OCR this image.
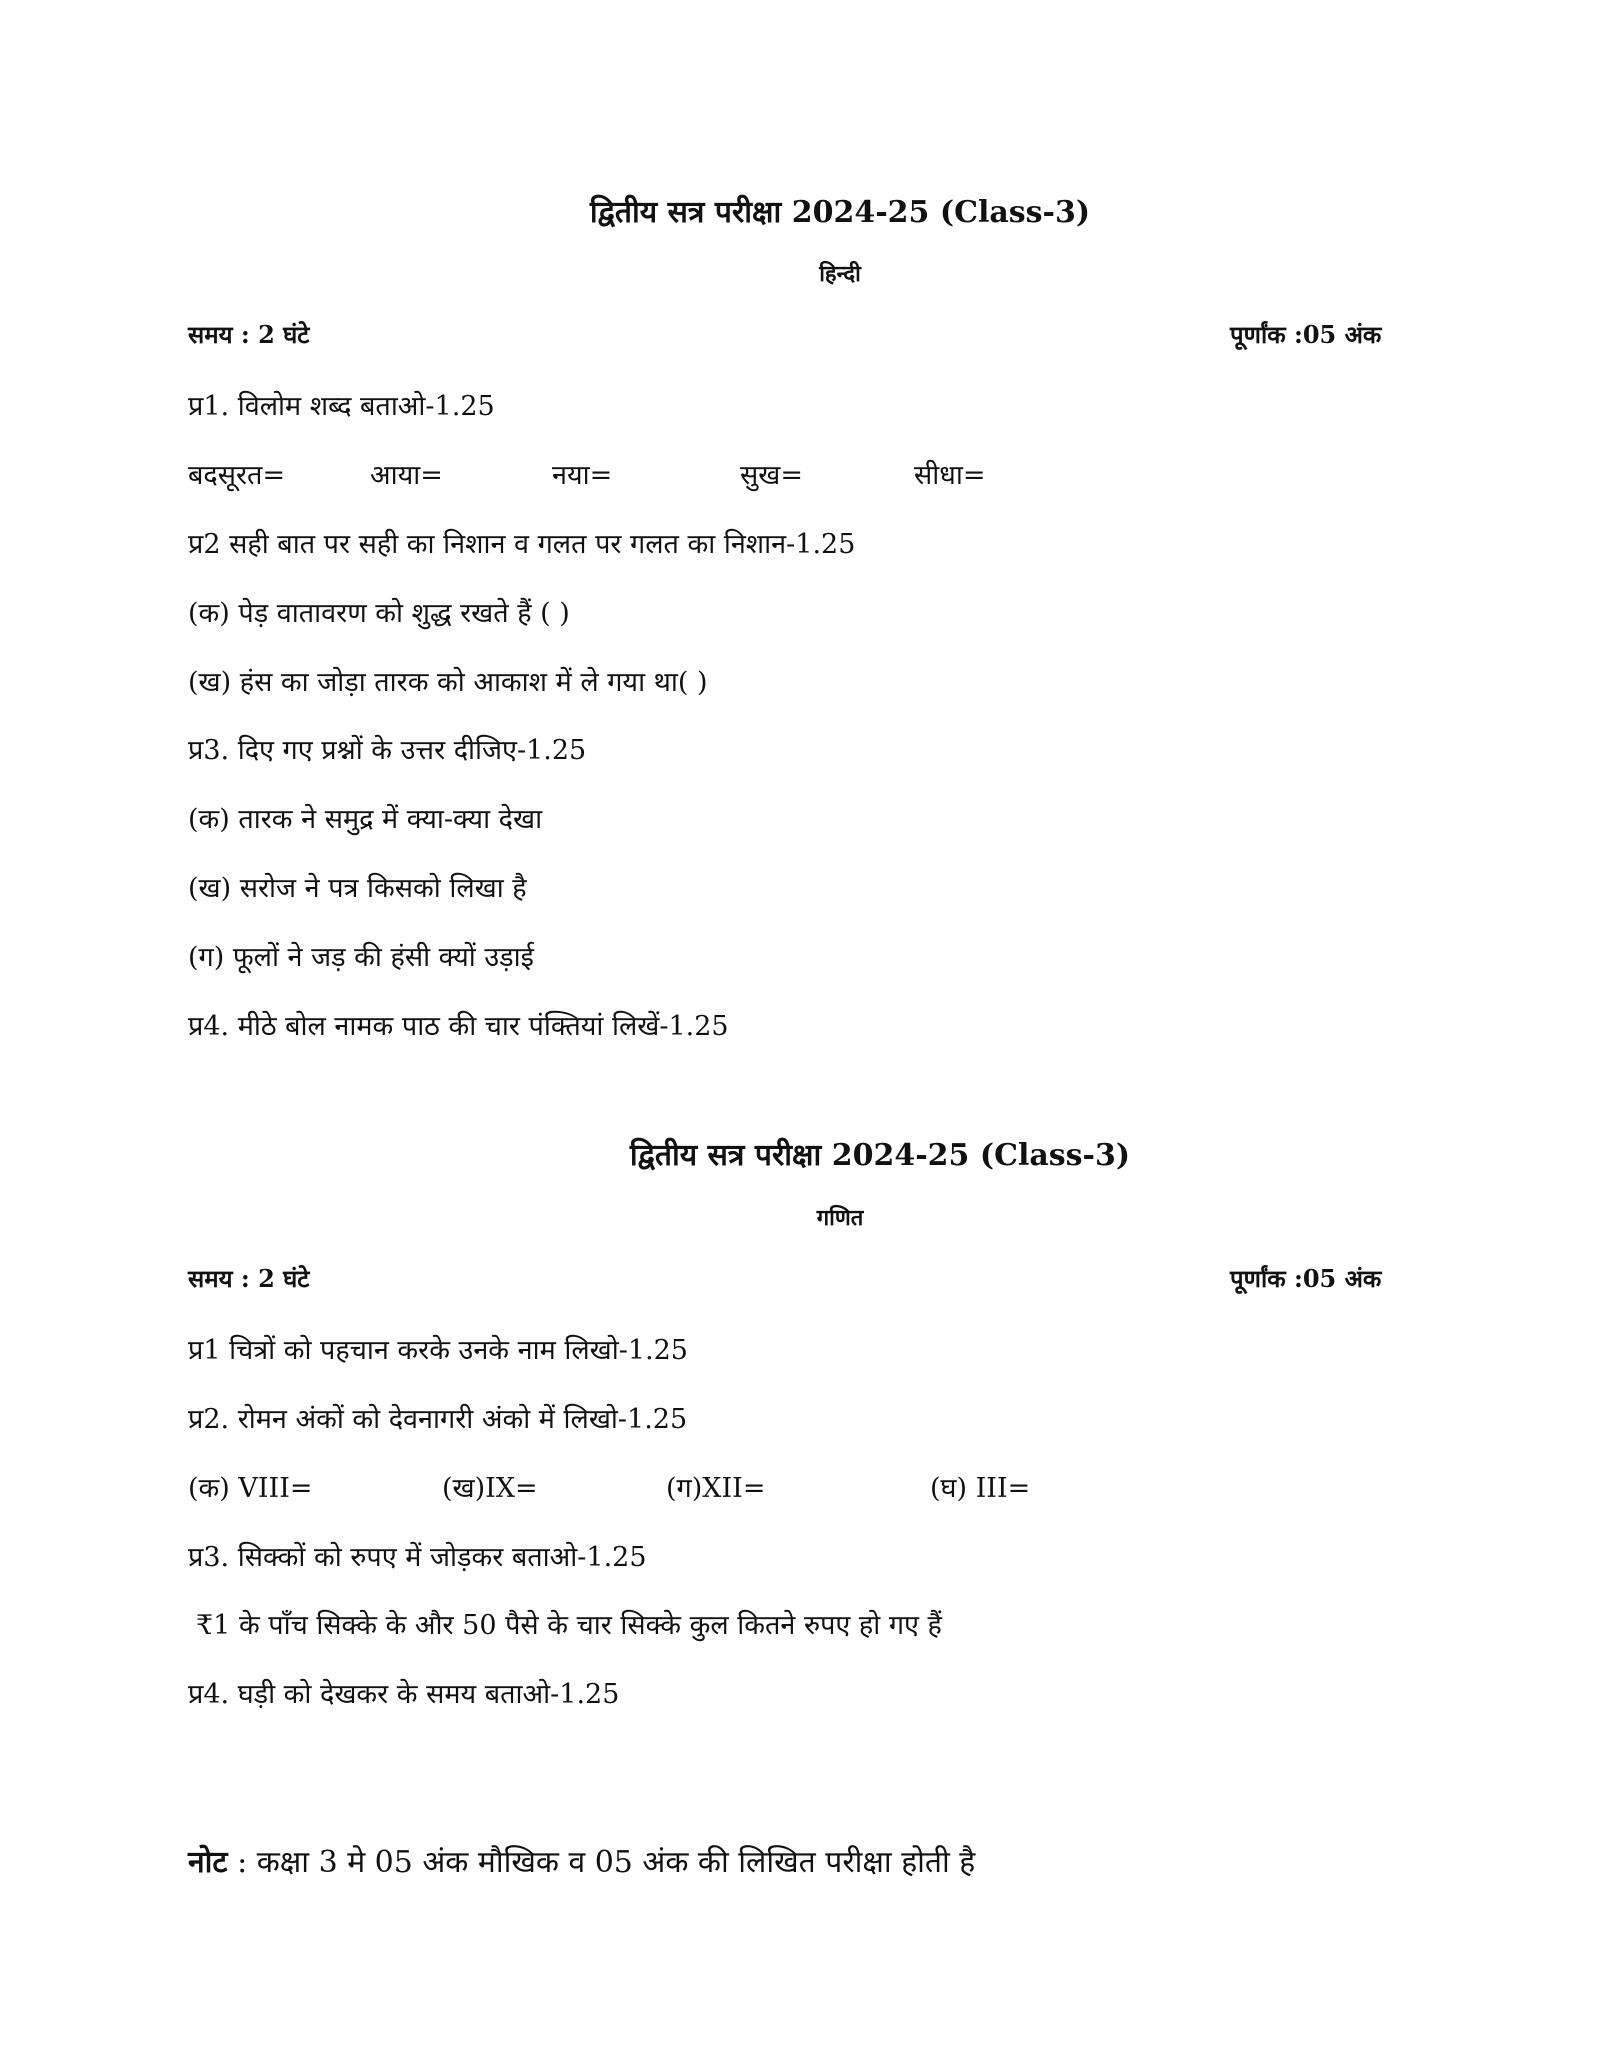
द्वितीय सत्र परीक्षा 2024-25 (Class-3)
हिन्दी
समय : 2 घंटे	पूर्णांक :05 अंक
प्र1. विलोम शब्द बताओ-1.25
बदसूरत=	आया=	नया=	सुख=	सीधा=
प्र2 सही बात पर सही का निशान व गलत पर गलत का निशान-1.25
(क) पेड़ वातावरण को शुद्ध रखते हैं ( )
(ख) हंस का जोड़ा तारक को आकाश में ले गया था( )
प्र3. दिए गए प्रश्नों के उत्तर दीजिए-1.25
(क) तारक ने समुद्र में क्या-क्या देखा
(ख) सरोज ने पत्र किसको लिखा है
(ग) फूलों ने जड़ की हंसी क्यों उड़ाई
प्र4. मीठे बोल नामक पाठ की चार पंक्तियां लिखें-1.25
द्वितीय सत्र परीक्षा 2024-25 (Class-3)
गणित
समय : 2 घंटे	पूर्णांक :05 अंक
प्र1 चित्रों को पहचान करके उनके नाम लिखो-1.25
प्र2. रोमन अंकों को देवनागरी अंको में लिखो-1.25
(क) VIII=	(ख)IX=	(ग)XII=	(घ) III=
प्र3. सिक्कों को रुपए में जोड़कर बताओ-1.25
₹1 के पाँच सिक्के के और 50 पैसे के चार सिक्के कुल कितने रुपए हो गए हैं
प्र4. घड़ी को देखकर के समय बताओ-1.25
नोट : कक्षा 3 मे 05 अंक मौखिक व 05 अंक की लिखित परीक्षा होती है
